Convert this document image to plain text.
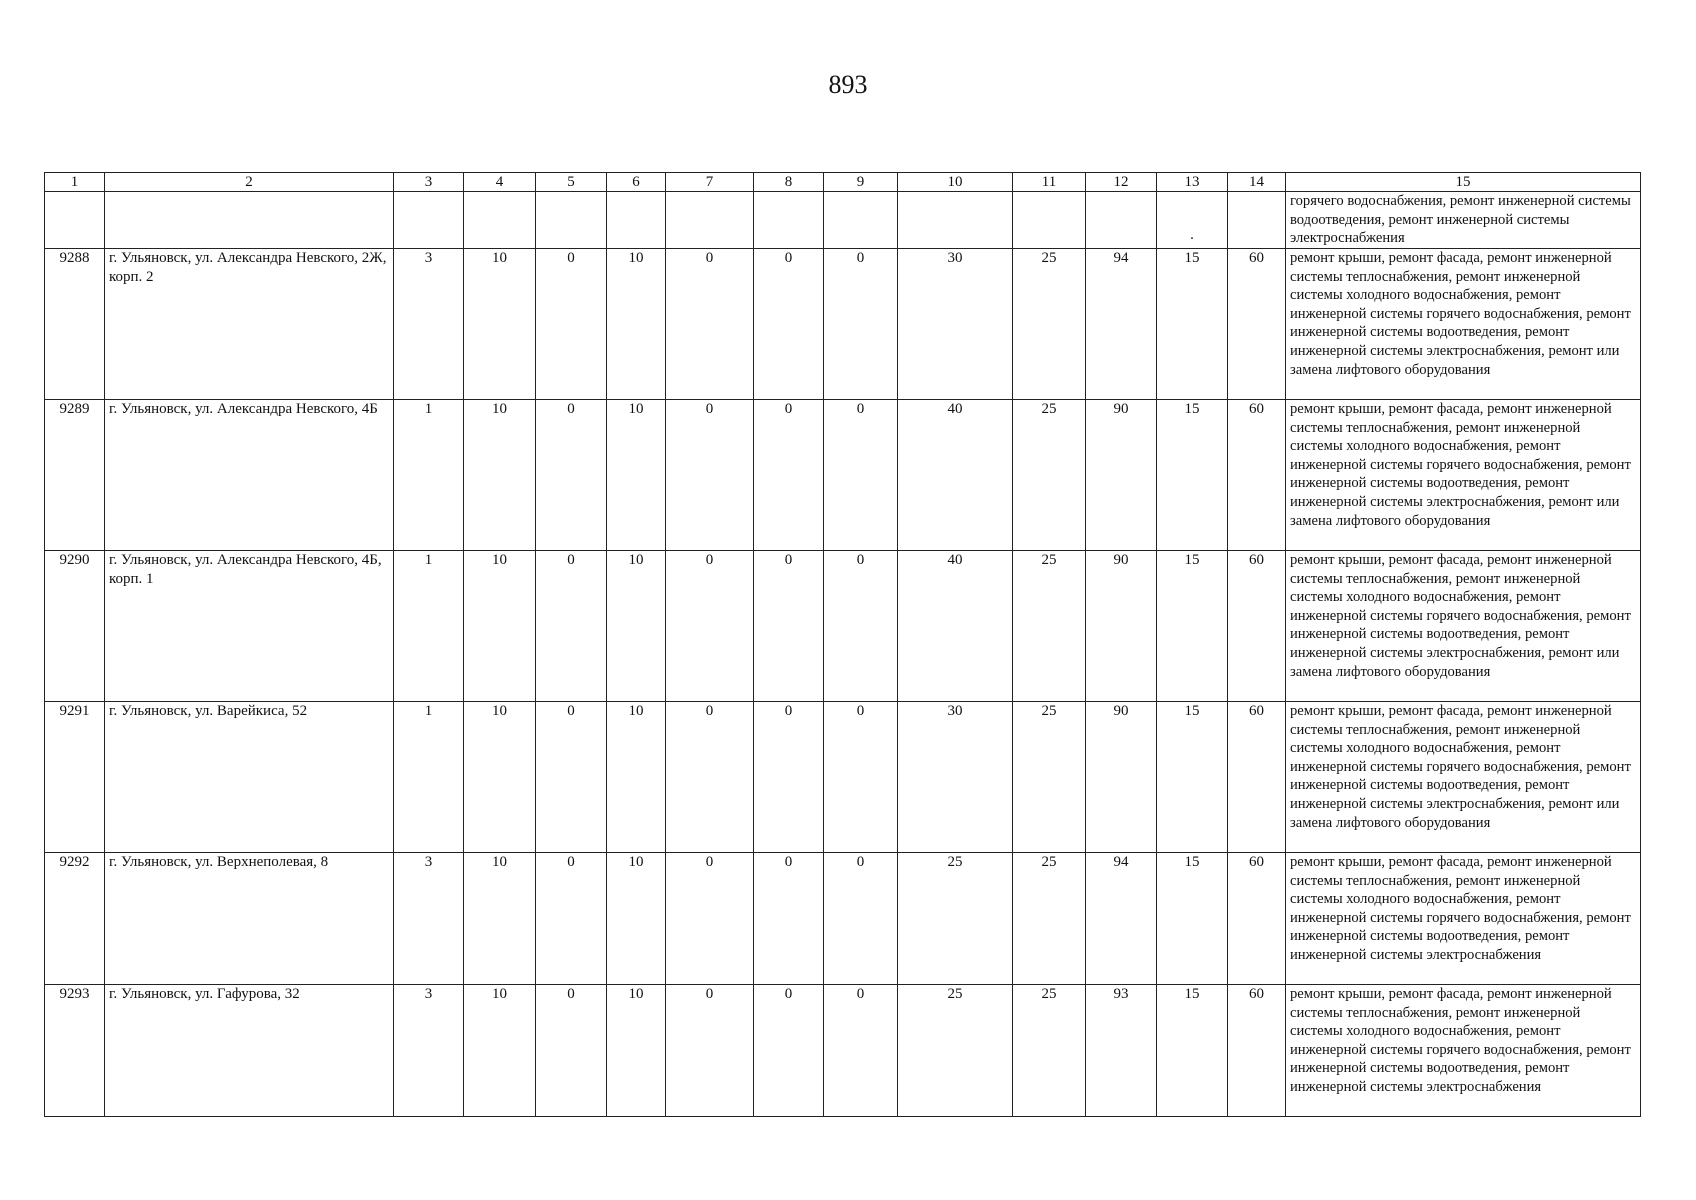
893
1	2	3	4	5	6	7	8	9	10	11	12	13	14	15
												.		горячего водоснабжения, ремонт инженерной системы водоотведения, ремонт инженерной системы электроснабжения
9288	г. Ульяновск, ул. Александра Невского, 2Ж, корп. 2	3	10	0	10	0	0	0	30	25	94	15	60	ремонт крыши, ремонт фасада, ремонт инженерной системы теплоснабжения, ремонт инженерной системы холодного водоснабжения, ремонт инженерной системы горячего водоснабжения, ремонт инженерной системы водоотведения, ремонт инженерной системы электроснабжения, ремонт или замена лифтового оборудования
9289	г. Ульяновск, ул. Александра Невского, 4Б	1	10	0	10	0	0	0	40	25	90	15	60	ремонт крыши, ремонт фасада, ремонт инженерной системы теплоснабжения, ремонт инженерной системы холодного водоснабжения, ремонт инженерной системы горячего водоснабжения, ремонт инженерной системы водоотведения, ремонт инженерной системы электроснабжения, ремонт или замена лифтового оборудования
9290	г. Ульяновск, ул. Александра Невского, 4Б, корп. 1	1	10	0	10	0	0	0	40	25	90	15	60	ремонт крыши, ремонт фасада, ремонт инженерной системы теплоснабжения, ремонт инженерной системы холодного водоснабжения, ремонт инженерной системы горячего водоснабжения, ремонт инженерной системы водоотведения, ремонт инженерной системы электроснабжения, ремонт или замена лифтового оборудования
9291	г. Ульяновск, ул. Варейкиса, 52	1	10	0	10	0	0	0	30	25	90	15	60	ремонт крыши, ремонт фасада, ремонт инженерной системы теплоснабжения, ремонт инженерной системы холодного водоснабжения, ремонт инженерной системы горячего водоснабжения, ремонт инженерной системы водоотведения, ремонт инженерной системы электроснабжения, ремонт или замена лифтового оборудования
9292	г. Ульяновск, ул. Верхнеполевая, 8	3	10	0	10	0	0	0	25	25	94	15	60	ремонт крыши, ремонт фасада, ремонт инженерной системы теплоснабжения, ремонт инженерной системы холодного водоснабжения, ремонт инженерной системы горячего водоснабжения, ремонт инженерной системы водоотведения, ремонт инженерной системы электроснабжения
9293	г. Ульяновск, ул. Гафурова, 32	3	10	0	10	0	0	0	25	25	93	15	60	ремонт крыши, ремонт фасада, ремонт инженерной системы теплоснабжения, ремонт инженерной системы холодного водоснабжения, ремонт инженерной системы горячего водоснабжения, ремонт инженерной системы водоотведения, ремонт инженерной системы электроснабжения
